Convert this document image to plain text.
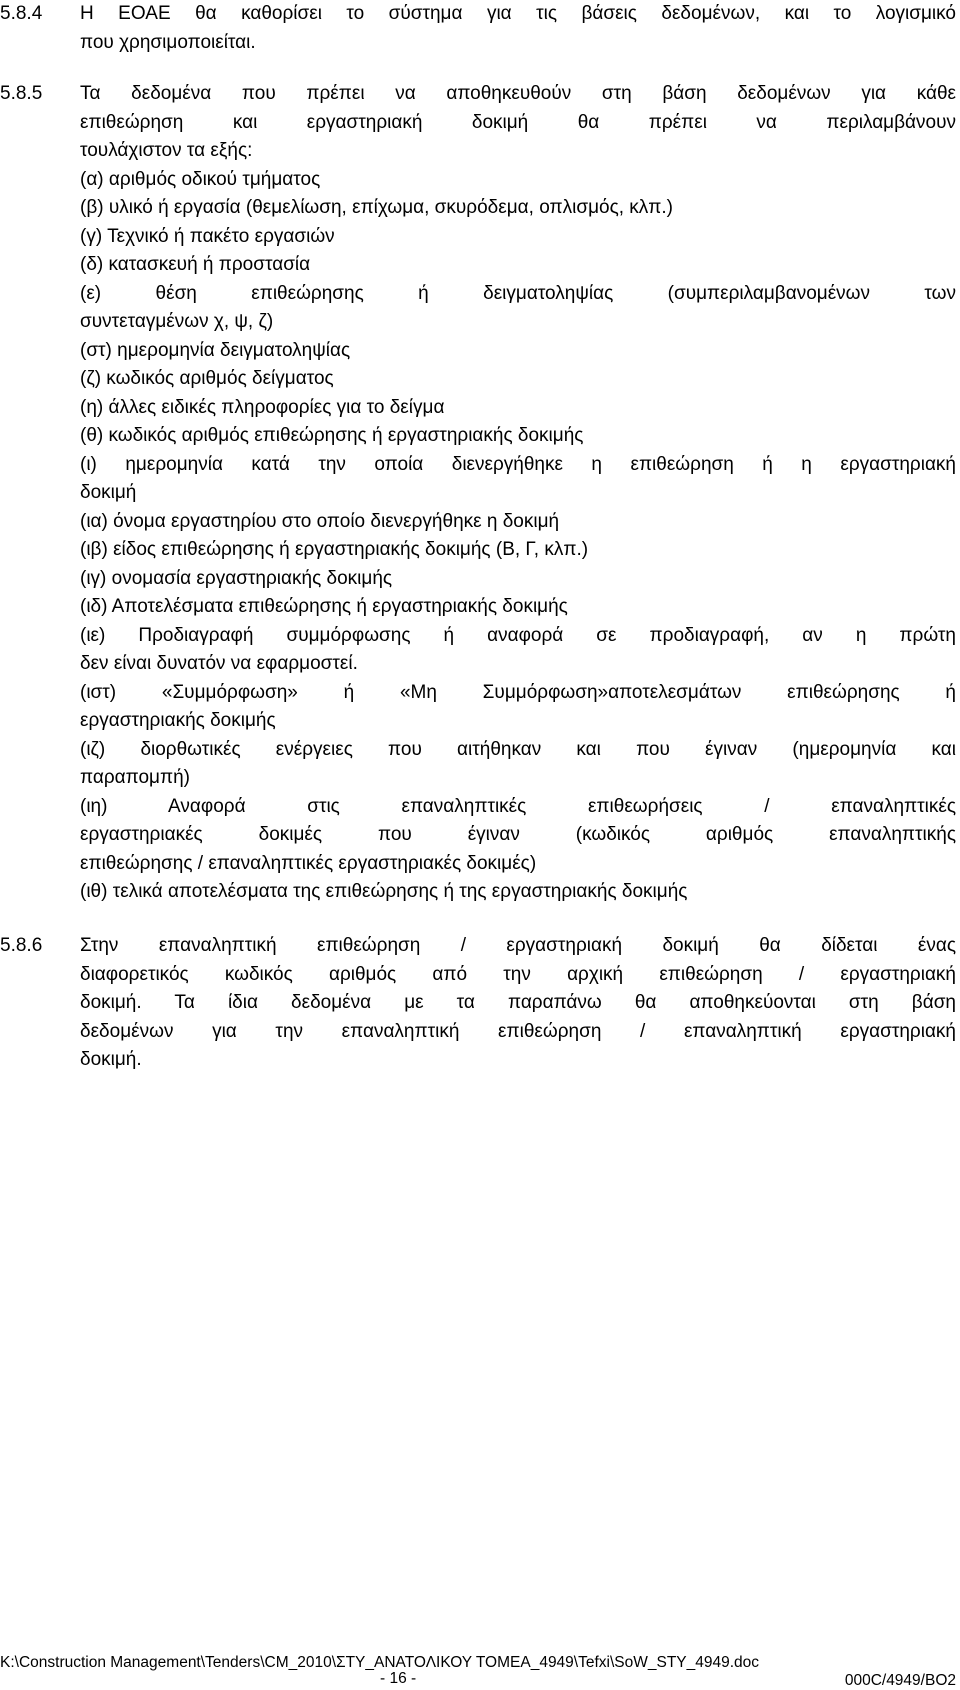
5.8.4	Η ΕΟΑΕ θα καθορίσει το σύστημα για τις βάσεις δεδομένων, και το λογισμικό
που χρησιμοποιείται.
5.8.5	Τα δεδομένα που πρέπει να αποθηκευθούν στη βάση δεδομένων για κάθε
επιθεώρηση και εργαστηριακή δοκιμή θα πρέπει να περιλαμβάνουν
τουλάχιστον τα εξής:
(α) αριθμός οδικού τμήματος
(β) υλικό ή εργασία (θεμελίωση, επίχωμα, σκυρόδεμα, οπλισμός, κλπ.)
(γ) Τεχνικό ή πακέτο εργασιών
(δ) κατασκευή ή προστασία
(ε) θέση επιθεώρησης ή δειγματοληψίας (συμπεριλαμβανομένων των
συντεταγμένων χ, ψ, ζ)
(στ) ημερομηνία δειγματοληψίας
(ζ) κωδικός αριθμός δείγματος
(η) άλλες ειδικές πληροφορίες για το δείγμα
(θ) κωδικός αριθμός επιθεώρησης ή εργαστηριακής δοκιμής
(ι) ημερομηνία κατά την οποία διενεργήθηκε η επιθεώρηση ή η εργαστηριακή
δοκιμή
(ια) όνομα εργαστηρίου στο οποίο διενεργήθηκε η δοκιμή
(ιβ) είδος επιθεώρησης ή εργαστηριακής δοκιμής (Β, Γ, κλπ.)
(ιγ) ονομασία εργαστηριακής δοκιμής
(ιδ) Αποτελέσματα επιθεώρησης ή εργαστηριακής δοκιμής
(ιε) Προδιαγραφή συμμόρφωσης ή αναφορά σε προδιαγραφή, αν η πρώτη
δεν είναι δυνατόν να εφαρμοστεί.
(ιστ) «Συμμόρφωση» ή «Μη Συμμόρφωση»αποτελεσμάτων επιθεώρησης ή
εργαστηριακής δοκιμής
(ιζ) διορθωτικές ενέργειες που αιτήθηκαν και που έγιναν (ημερομηνία και
παραπομπή)
(ιη) Αναφορά στις επαναληπτικές επιθεωρήσεις / επαναληπτικές
εργαστηριακές δοκιμές που έγιναν (κωδικός αριθμός επαναληπτικής
επιθεώρησης / επαναληπτικές εργαστηριακές δοκιμές)
(ιθ) τελικά αποτελέσματα της επιθεώρησης ή της εργαστηριακής δοκιμής
5.8.6	Στην επαναληπτική επιθεώρηση / εργαστηριακή δοκιμή θα δίδεται ένας
διαφορετικός κωδικός αριθμός από την αρχική επιθεώρηση / εργαστηριακή
δοκιμή. Τα ίδια δεδομένα με τα παραπάνω θα αποθηκεύονται στη βάση
δεδομένων για την επαναληπτική επιθεώρηση / επαναληπτική εργαστηριακή
δοκιμή.
K:\Construction Management\Tenders\CM_2010\ΣΤΥ_ΑΝΑΤΟΛΙΚΟΥ ΤΟΜΕΑ_4949\Tefxi\SoW_STY_4949.doc
- 16 -	000C/4949/BO2
